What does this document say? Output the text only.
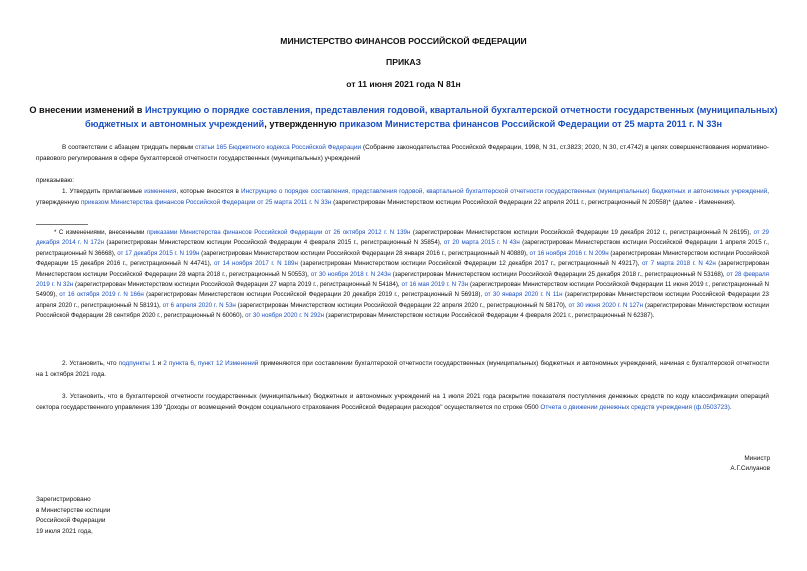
МИНИСТЕРСТВО ФИНАНСОВ РОССИЙСКОЙ ФЕДЕРАЦИИ
ПРИКАЗ
от 11 июня 2021 года N 81н
О внесении изменений в Инструкцию о порядке составления, представления годовой, квартальной бухгалтерской отчетности государственных (муниципальных) бюджетных и автономных учреждений, утвержденную приказом Министерства финансов Российской Федерации от 25 марта 2011 г. N 33н
В соответствии с абзацем тридцать первым статьи 165 Бюджетного кодекса Российской Федерации (Собрание законодательства Российской Федерации, 1998, N 31, ст.3823; 2020, N 30, ст.4742) в целях совершенствования нормативно-правового регулирования в сфере бухгалтерской отчетности государственных (муниципальных) учреждений
приказываю:
1. Утвердить прилагаемые изменения, которые вносятся в Инструкцию о порядке составления, представления годовой, квартальной бухгалтерской отчетности государственных (муниципальных) бюджетных и автономных учреждений, утвержденную приказом Министерства финансов Российской Федерации от 25 марта 2011 г. N 33н (зарегистрирован Министерством юстиции Российской Федерации 22 апреля 2011 г., регистрационный N 20558)* (далее - Изменения).
* С изменениями, внесенными приказами Министерства финансов Российской Федерации от 26 октября 2012 г. N 139н (зарегистрирован Министерством юстиции Российской Федерации 19 декабря 2012 г., регистрационный N 26195), от 29 декабря 2014 г. N 172н (зарегистрирован Министерством юстиции Российской Федерации 4 февраля 2015 г., регистрационный N 35854), от 20 марта 2015 г. N 43н (зарегистрирован Министерством юстиции Российской Федерации 1 апреля 2015 г., регистрационный N 36668), от 17 декабря 2015 г. N 199н (зарегистрирован Министерством юстиции Российской Федерации 28 января 2016 г., регистрационный N 40889), от 16 ноября 2016 г. N 209н (зарегистрирован Министерством юстиции Российской Федерации 15 декабря 2016 г., регистрационный N 44741), от 14 ноября 2017 г. N 189н (зарегистрирован Министерством юстиции Российской Федерации 12 декабря 2017 г., регистрационный N 49217), от 7 марта 2018 г. N 42н (зарегистрирован Министерством юстиции Российской Федерации 28 марта 2018 г., регистрационный N 50553), от 30 ноября 2018 г. N 243н (зарегистрирован Министерством юстиции Российской Федерации 25 декабря 2018 г., регистрационный N 53168), от 28 февраля 2019 г. N 32н (зарегистрирован Министерством юстиции Российской Федерации 27 марта 2019 г., регистрационный N 54184), от 16 мая 2019 г. N 73н (зарегистрирован Министерством юстиции Российской Федерации 11 июня 2019 г., регистрационный N 54909), от 16 октября 2019 г. N 166н (зарегистрирован Министерством юстиции Российской Федерации 20 декабря 2019 г., регистрационный N 56918), от 30 января 2020 г. N 11н (зарегистрирован Министерством юстиции Российской Федерации 23 апреля 2020 г., регистрационный N 58191), от 6 апреля 2020 г. N 53н (зарегистрирован Министерством юстиции Российской Федерации 22 апреля 2020 г., регистрационный N 58170), от 30 июня 2020 г. N 127н (зарегистрирован Министерством юстиции Российской Федерации 28 сентября 2020 г., регистрационный N 60060), от 30 ноября 2020 г. N 292н (зарегистрирован Министерством юстиции Российской Федерации 4 февраля 2021 г., регистрационный N 62387).
2. Установить, что подпункты 1 и 2 пункта 6, пункт 12 Изменений применяются при составлении бухгалтерской отчетности государственных (муниципальных) бюджетных и автономных учреждений, начиная с бухгалтерской отчетности на 1 октября 2021 года.
3. Установить, что в бухгалтерской отчетности государственных (муниципальных) бюджетных и автономных учреждений на 1 июля 2021 года раскрытие показателя поступления денежных средств по коду классификации операций сектора государственного управления 139 "Доходы от возмещений Фондом социального страхования Российской Федерации расходов" осуществляется по строке 0500 Отчета о движении денежных средств учреждения (ф.0503723).
Министр
А.Г.Силуанов
Зарегистрировано
в Министерстве юстиции
Российской Федерации
19 июля 2021 года,
